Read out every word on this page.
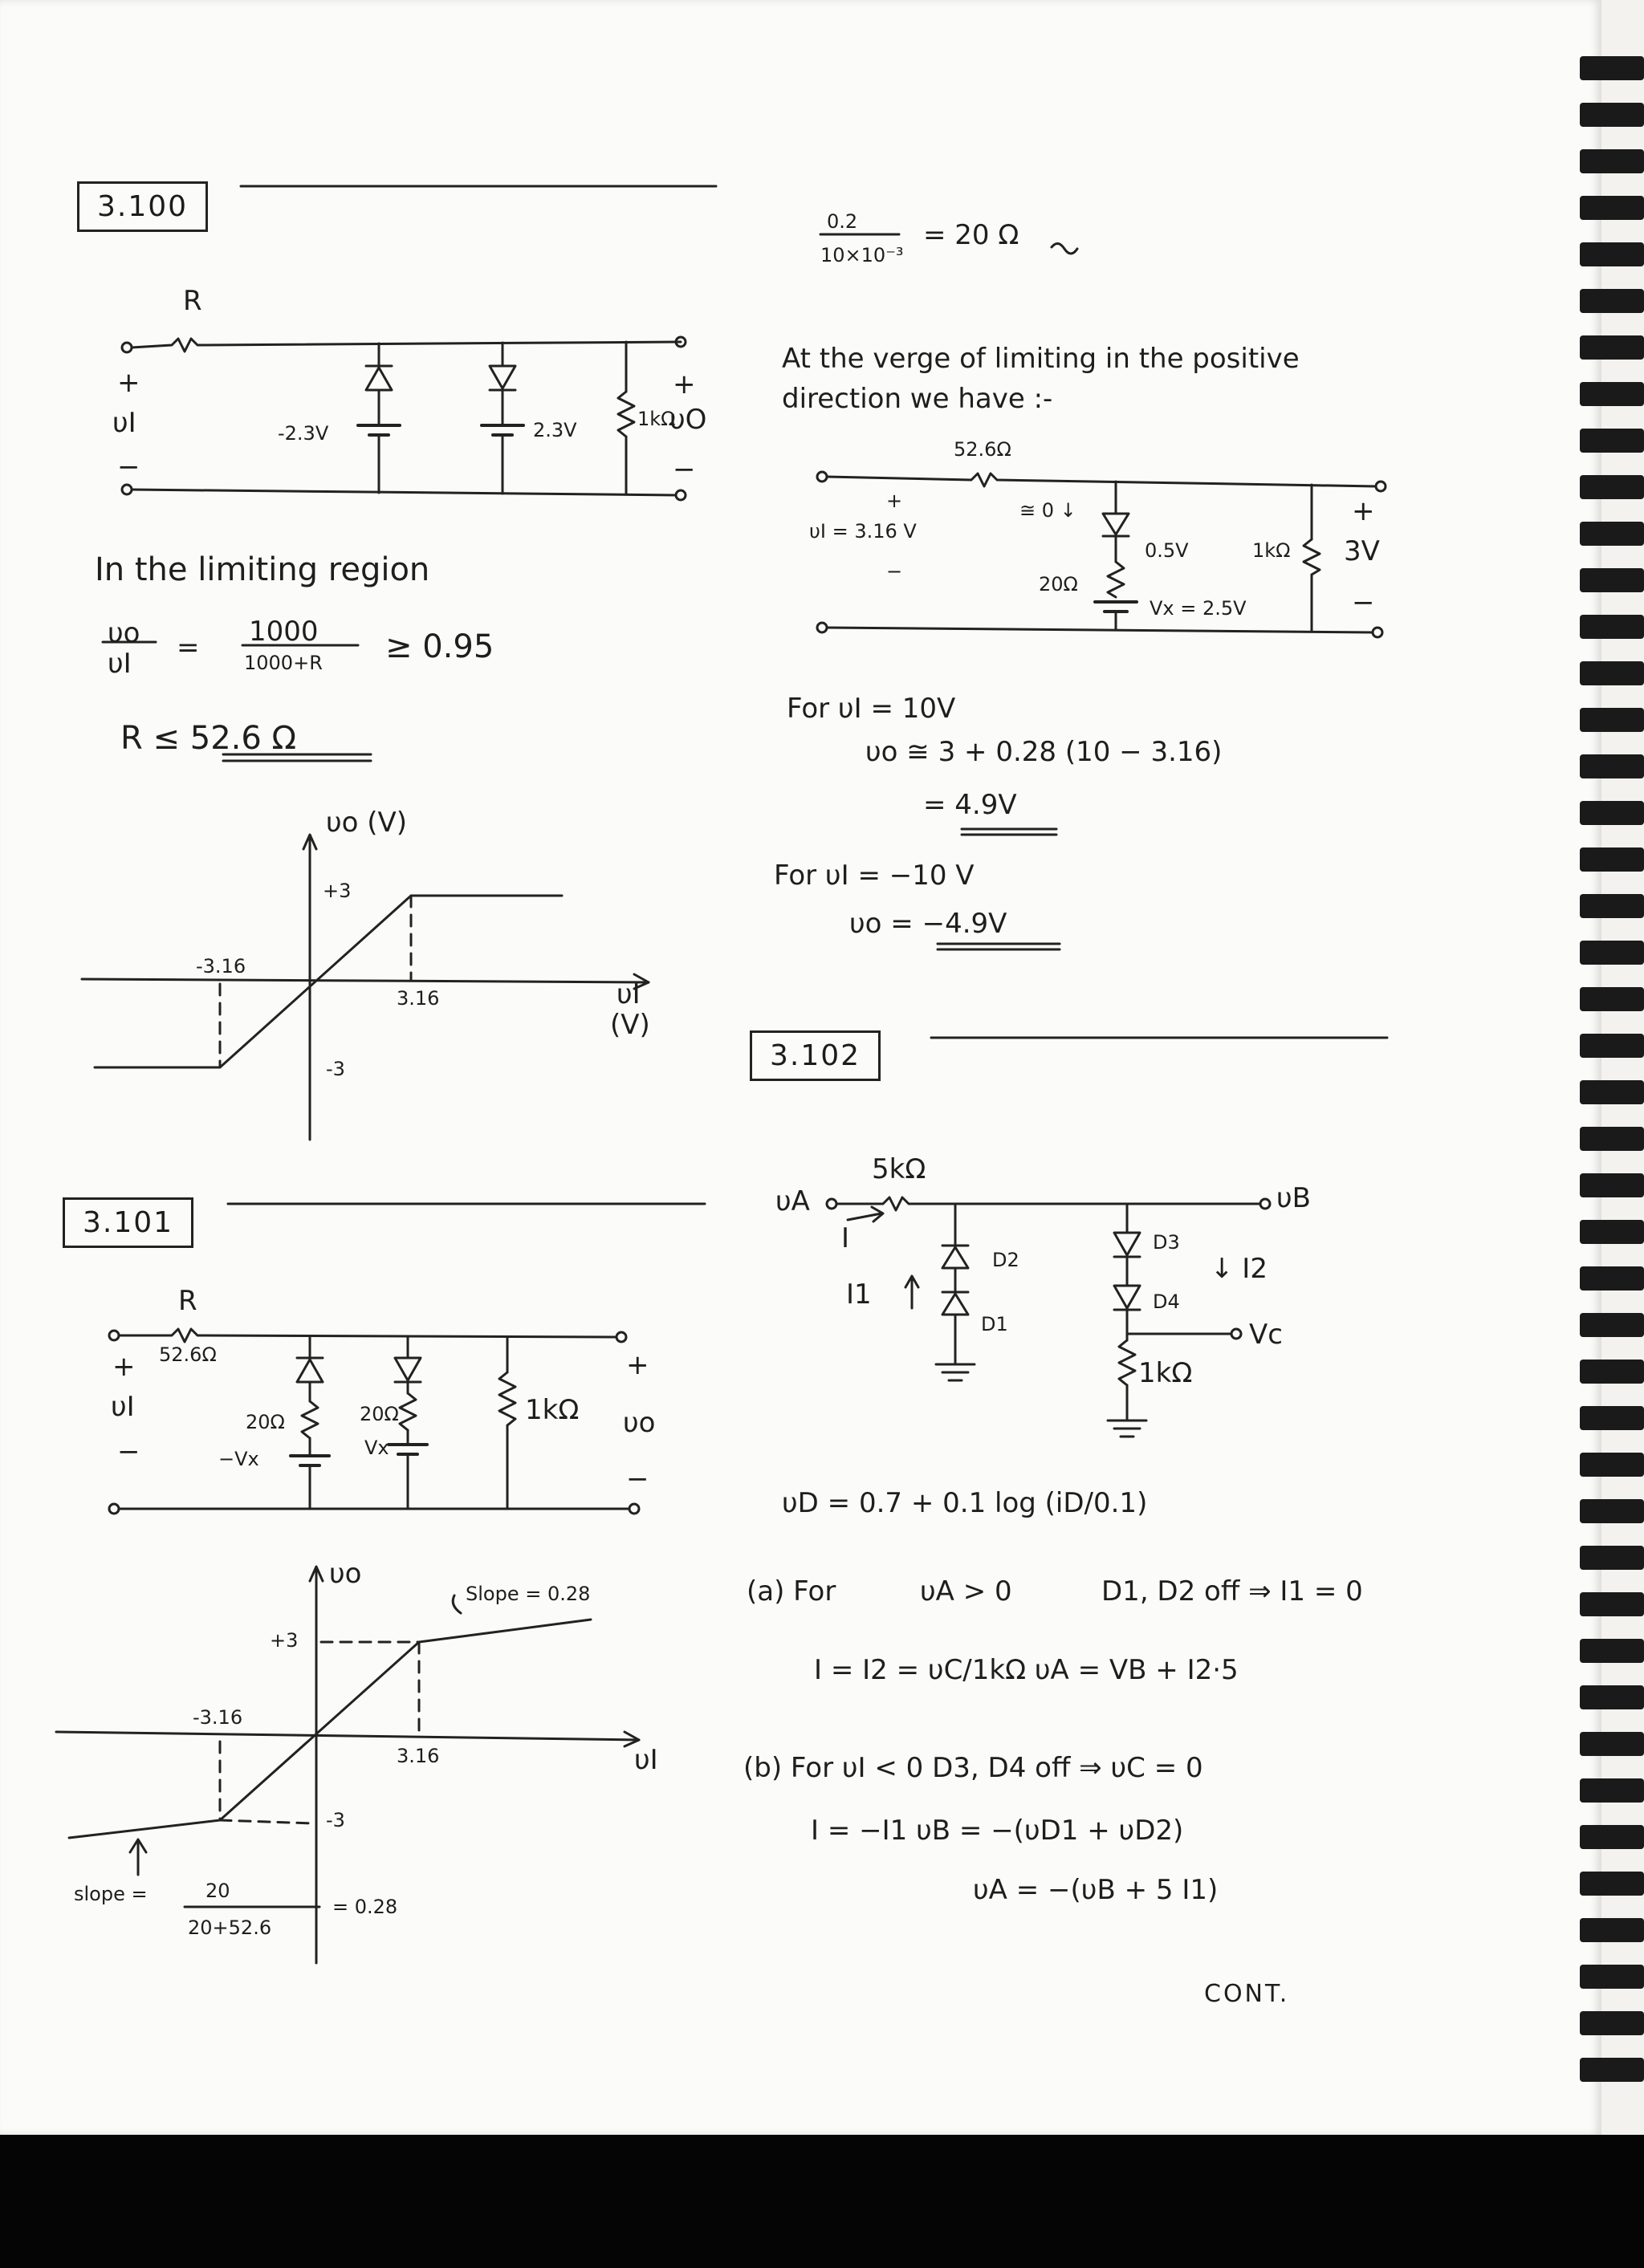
3.100
R
+
υI
−
-2.3V	2.3V	1kΩ
υO
+
−
In the limiting region
υo
υI = 1000
1000+R ≥ 0.95
R ≤ 52.6 Ω
υo (V)
υI
(V)
+3
-3
3.16
-3.16
3.101
R
52.6Ω
+
υI
−
20Ω	20Ω
−Vx	Vx
1kΩ υo
+
−
υo
υI
Slope = 0.28
+3
-3
3.16
-3.16
slope =	20
20+52.6
= 0.28
0.2
10×10⁻³
= 20 Ω
At the verge of limiting in the positive
direction we have :-
52.6Ω
+
υI = 3.16 V
−
≅ 0 ↓
0.5V
20Ω
Vx = 2.5V
1kΩ
+
3V
−
For υI = 10V
υo ≅ 3 + 0.28 (10 − 3.16)
= 4.9V
For υI = −10 V
υo = −4.9V
3.102
5kΩ
υA	υB
I
I1
D1
D2
D3
D4
↓ I2
Vc
1kΩ
υD = 0.7 + 0.1 log (iD/0.1)
(a) For	υA > 0	D1, D2 off ⇒ I1 = 0
I = I2 = υC/1kΩ υA = VB + I2·5
(b) For υI < 0 D3, D4 off ⇒ υC = 0
I = −I1 υB = −(υD1 + υD2)
υA = −(υB + 5 I1)
CONT.
